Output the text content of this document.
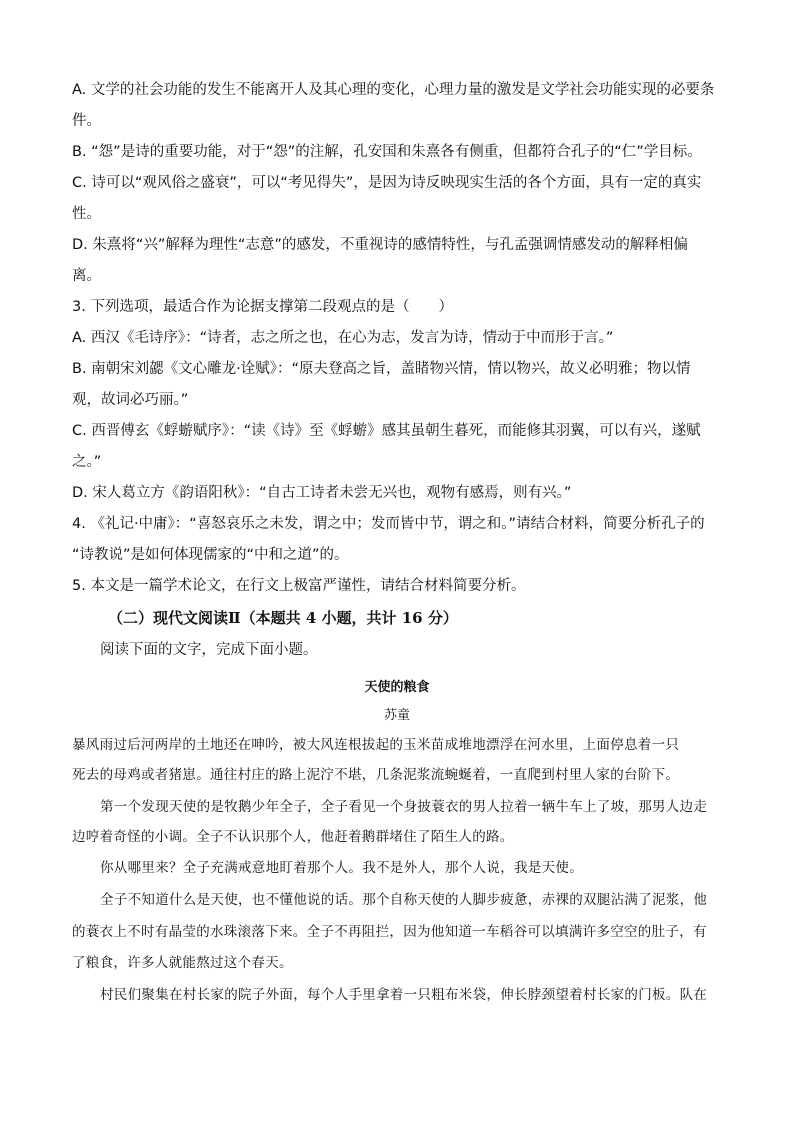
A. 文学的社会功能的发生不能离开人及其心理的变化，心理力量的激发是文学社会功能实现的必要条
件。
B. “怨”是诗的重要功能，对于“怨”的注解，孔安国和朱熹各有侧重，但都符合孔子的“仁”学目标。
C. 诗可以“观风俗之盛衰”，可以“考见得失”，是因为诗反映现实生活的各个方面，具有一定的真实
性。
D. 朱熹将“兴”解释为理性“志意”的感发，不重视诗的感情特性，与孔孟强调情感发动的解释相偏
离。
3. 下列选项，最适合作为论据支撑第二段观点的是（　　）
A. 西汉《毛诗序》：“诗者，志之所之也，在心为志，发言为诗，情动于中而形于言。”
B. 南朝宋刘勰《文心雕龙·诠赋》：“原夫登高之旨，盖睹物兴情，情以物兴，故义必明雅；物以情
观，故词必巧丽。”
C. 西晋傅玄《蜉蝣赋序》：“读《诗》至《蜉蝣》感其虽朝生暮死，而能修其羽翼，可以有兴，遂赋
之。”
D. 宋人葛立方《韵语阳秋》：“自古工诗者未尝无兴也，观物有感焉，则有兴。”
4. 《礼记·中庸》：“喜怒哀乐之未发，谓之中；发而皆中节，谓之和。”请结合材料，简要分析孔子的
“诗教说”是如何体现儒家的“中和之道”的。
5. 本文是一篇学术论文，在行文上极富严谨性，请结合材料简要分析。
（二）现代文阅读Ⅱ（本题共 4 小题，共计 16 分）
阅读下面的文字，完成下面小题。
天使的粮食
苏童
暴风雨过后河两岸的土地还在呻吟，被大风连根拔起的玉米苗成堆地漂浮在河水里，上面停息着一只
死去的母鸡或者猪崽。通往村庄的路上泥泞不堪，几条泥浆流蜿蜒着，一直爬到村里人家的台阶下。
第一个发现天使的是牧鹅少年全子，全子看见一个身披蓑衣的男人拉着一辆牛车上了坡，那男人边走
边哼着奇怪的小调。全子不认识那个人，他赶着鹅群堵住了陌生人的路。
你从哪里来？全子充满戒意地盯着那个人。我不是外人，那个人说，我是天使。
全子不知道什么是天使，也不懂他说的话。那个自称天使的人脚步疲惫，赤裸的双腿沾满了泥浆，他
的蓑衣上不时有晶莹的水珠滚落下来。全子不再阻拦，因为他知道一车稻谷可以填满许多空空的肚子，有
了粮食，许多人就能熬过这个春天。
村民们聚集在村长家的院子外面，每个人手里拿着一只粗布米袋，伸长脖颈望着村长家的门板。队在
